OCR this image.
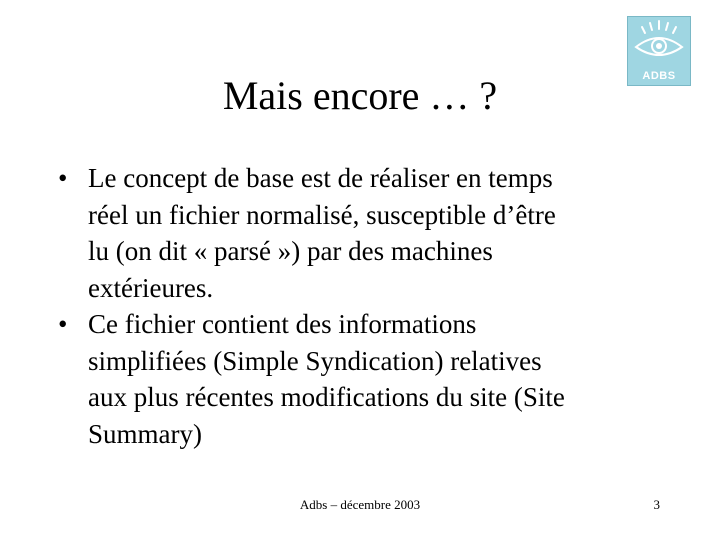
Mais encore … ?	ADBS
• Le concept de base est de réaliser en temps
réel un fichier normalisé, susceptible d’être
lu (on dit « parsé ») par des machines
extérieures.
• Ce fichier contient des informations
simplifiées (Simple Syndication) relatives
aux plus récentes modifications du site (Site
Summary)
Adbs – décembre 2003	3
